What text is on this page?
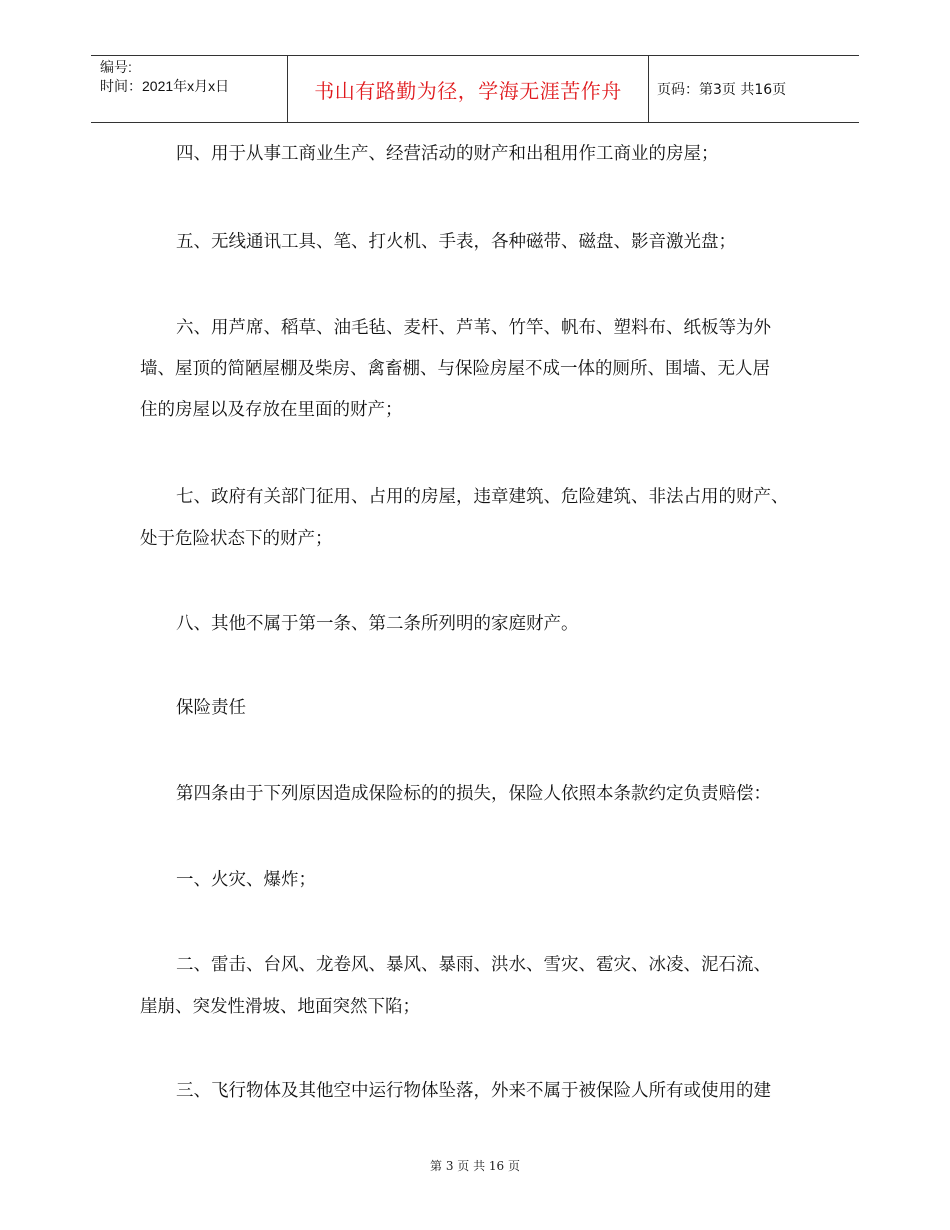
编号:
时间：2021年x月x日	书山有路勤为径，学海无涯苦作舟	页码：第3页 共16页
四、用于从事工商业生产、经营活动的财产和出租用作工商业的房屋；
五、无线通讯工具、笔、打火机、手表，各种磁带、磁盘、影音激光盘；
六、用芦席、稻草、油毛毡、麦杆、芦苇、竹竿、帆布、塑料布、纸板等为外
墙、屋顶的简陋屋棚及柴房、禽畜棚、与保险房屋不成一体的厕所、围墙、无人居
住的房屋以及存放在里面的财产；
七、政府有关部门征用、占用的房屋，违章建筑、危险建筑、非法占用的财产、
处于危险状态下的财产；
八、其他不属于第一条、第二条所列明的家庭财产。
保险责任
第四条由于下列原因造成保险标的的损失，保险人依照本条款约定负责赔偿：
一、火灾、爆炸；
二、雷击、台风、龙卷风、暴风、暴雨、洪水、雪灾、雹灾、冰凌、泥石流、
崖崩、突发性滑坡、地面突然下陷；
三、飞行物体及其他空中运行物体坠落，外来不属于被保险人所有或使用的建
第 3 页 共 16 页
